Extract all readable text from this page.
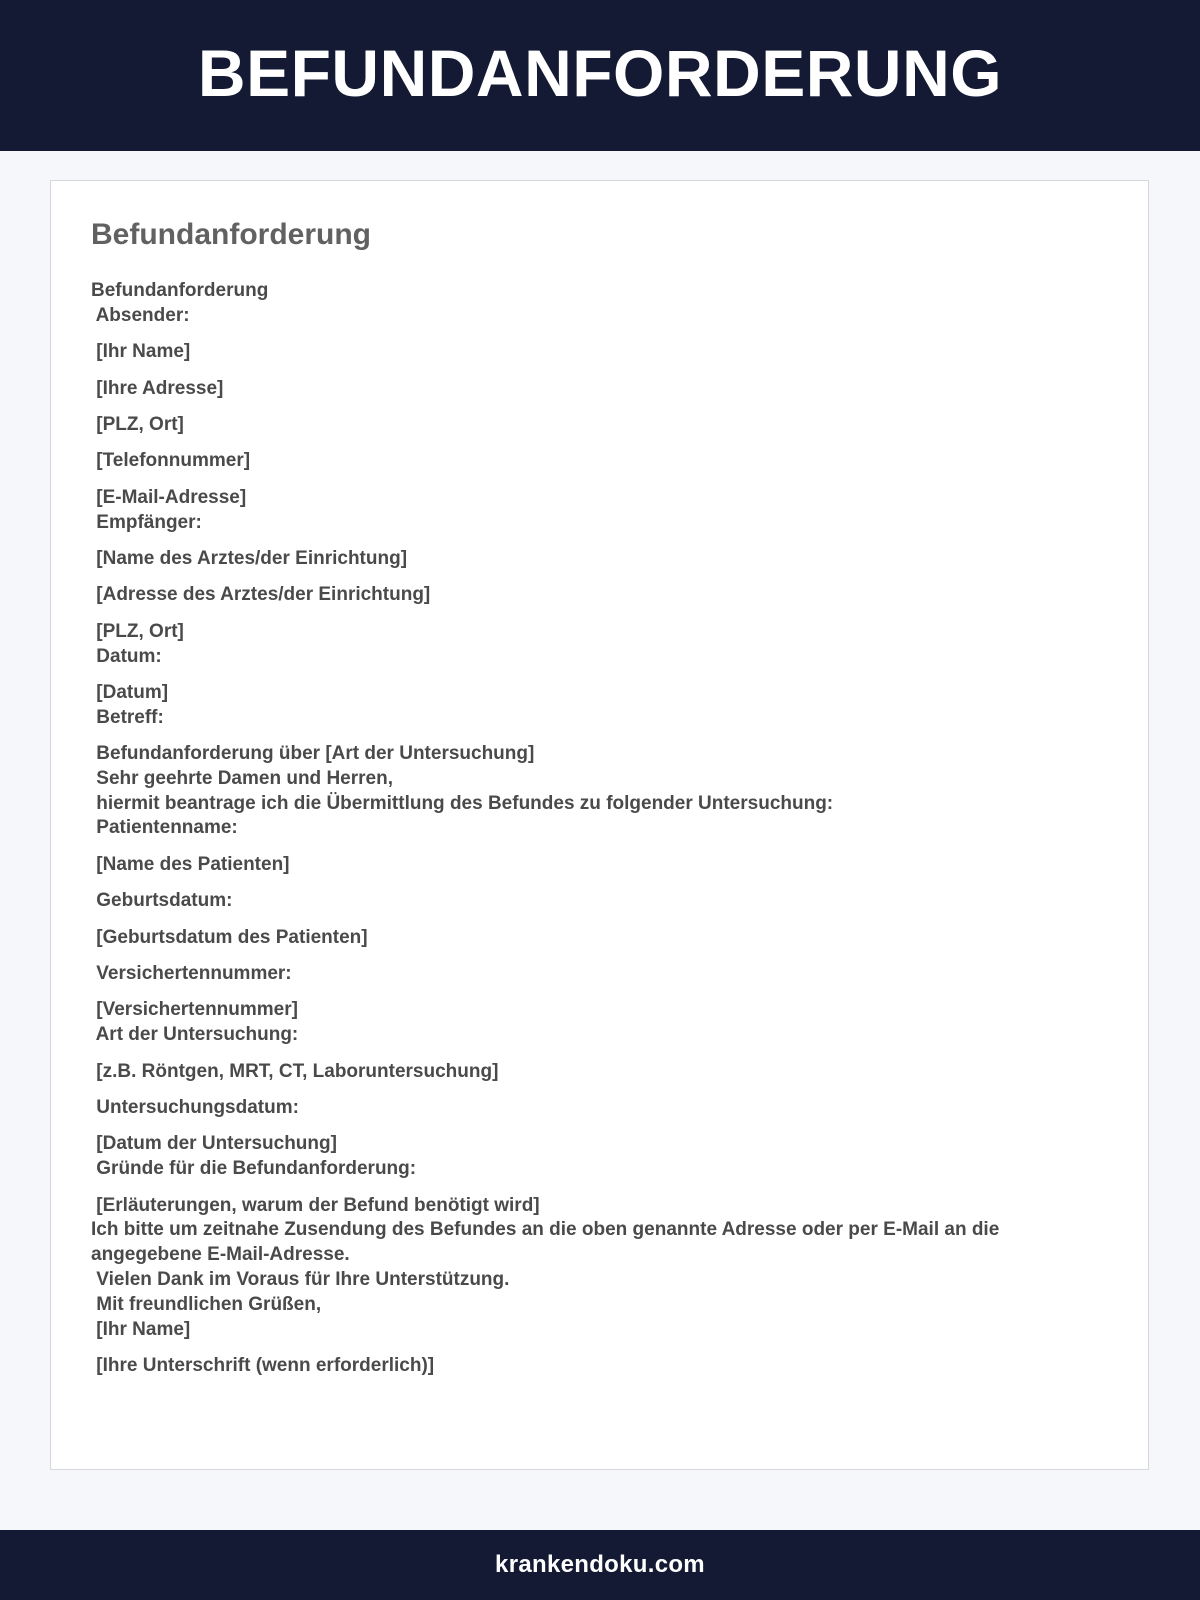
BEFUNDANFORDERUNG
Befundanforderung
Befundanforderung
Absender:
[Ihr Name]
[Ihre Adresse]
[PLZ, Ort]
[Telefonnummer]
[E-Mail-Adresse]
Empfänger:
[Name des Arztes/der Einrichtung]
[Adresse des Arztes/der Einrichtung]
[PLZ, Ort]
Datum:
[Datum]
Betreff:
Befundanforderung über [Art der Untersuchung]
Sehr geehrte Damen und Herren,
hiermit beantrage ich die Übermittlung des Befundes zu folgender Untersuchung:
Patientenname:
[Name des Patienten]
Geburtsdatum:
[Geburtsdatum des Patienten]
Versichertennummer:
[Versichertennummer]
Art der Untersuchung:
[z.B. Röntgen, MRT, CT, Laboruntersuchung]
Untersuchungsdatum:
[Datum der Untersuchung]
Gründe für die Befundanforderung:
[Erläuterungen, warum der Befund benötigt wird]
Ich bitte um zeitnahe Zusendung des Befundes an die oben genannte Adresse oder per E-Mail an die angegebene E-Mail-Adresse.
Vielen Dank im Voraus für Ihre Unterstützung.
Mit freundlichen Grüßen,
[Ihr Name]
[Ihre Unterschrift (wenn erforderlich)]
krankendoku.com
